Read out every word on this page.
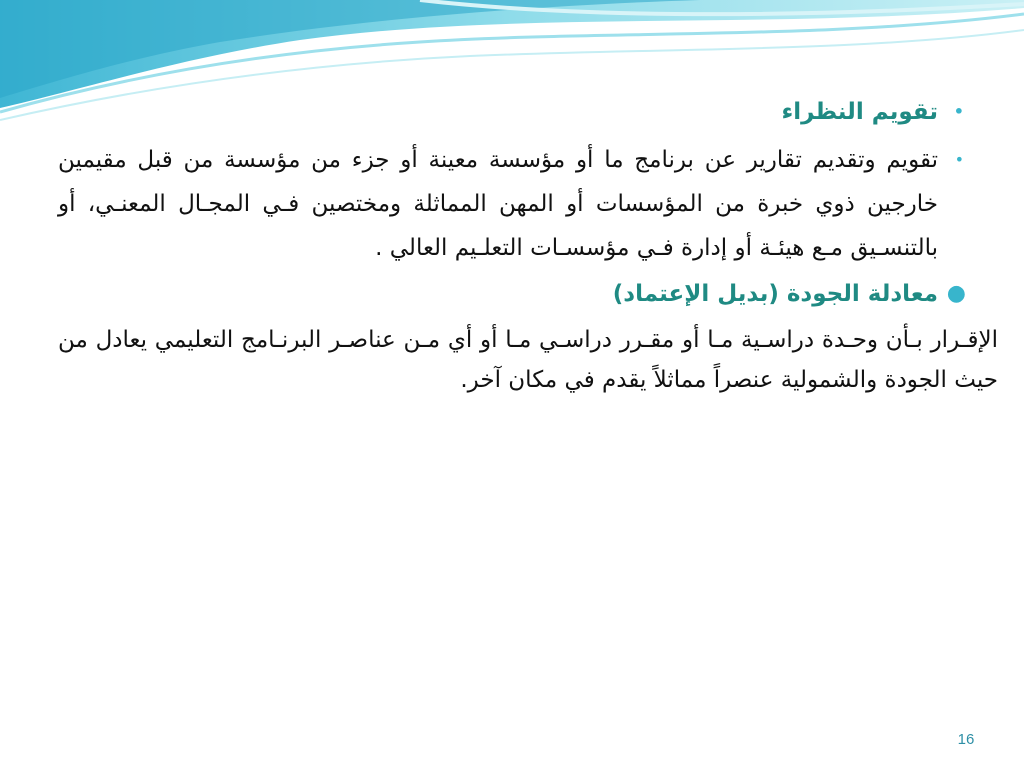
•
تقويم النظراء

•
تقويم وتقديم تقارير عن برنامج ما أو مؤسسة معينة أو جزء من مؤسسة من قبل مقيمين خارجين ذوي خبرة من المؤسسات أو المهن المماثلة ومختصين فـي المجـال المعنـي، أو بالتنسـيق مـع هيئـة أو إدارة فـي مؤسسـات التعلـيم العالي .

●
معادلة الجودة (بديل الإعتماد)

الإقـرار بـأن وحـدة دراسـية مـا أو مقـرر دراسـي مـا أو أي مـن عناصـر البرنـامج التعليمي يعادل من حيث الجودة والشمولية عنصراً مماثلاً يقدم في مكان آخر.

16
